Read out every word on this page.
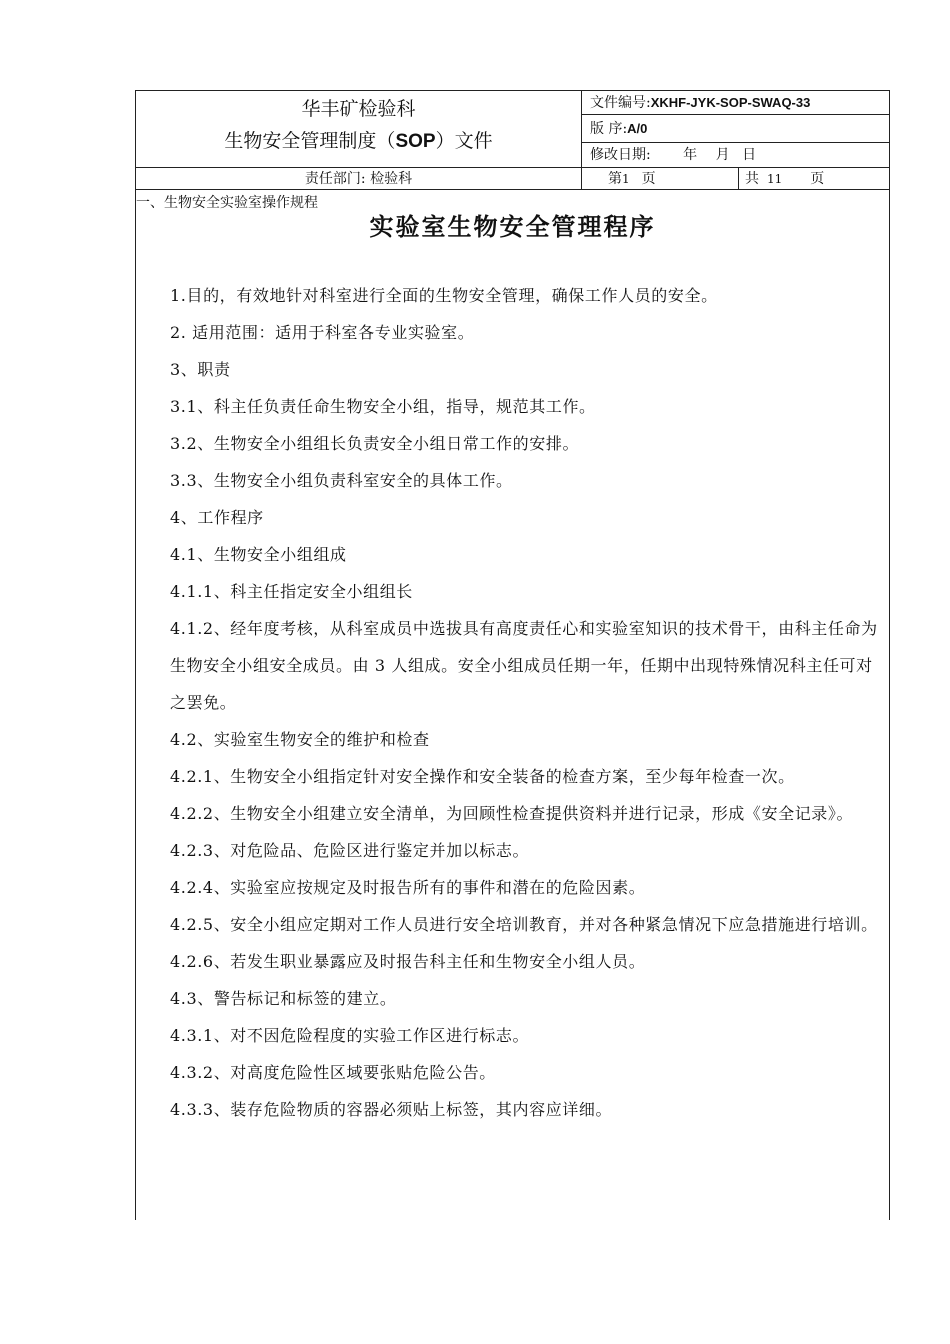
华丰矿检验科
生物安全管理制度（SOP）文件
文件编号:XKHF-JYK-SOP-SWAQ-33
版 序:A/0
修改日期: 年 月 日
责任部门: 检验科	第1 页	共 11 页
一、生物安全实验室操作规程
实验室生物安全管理程序

1.目的，有效地针对科室进行全面的生物安全管理，确保工作人员的安全。

2. 适用范围：适用于科室各专业实验室。

3、职责

3.1、科主任负责任命生物安全小组，指导，规范其工作。

3.2、生物安全小组组长负责安全小组日常工作的安排。

3.3、生物安全小组负责科室安全的具体工作。

4、工作程序

4.1、生物安全小组组成

4.1.1、科主任指定安全小组组长

4.1.2、经年度考核，从科室成员中选拔具有高度责任心和实验室知识的技术骨干，由科主任命为生物安全小组安全成员。由 3 人组成。安全小组成员任期一年，任期中出现特殊情况科主任可对之罢免。

4.2、实验室生物安全的维护和检查

4.2.1、生物安全小组指定针对安全操作和安全装备的检查方案，至少每年检查一次。

4.2.2、生物安全小组建立安全清单，为回顾性检查提供资料并进行记录，形成《安全记录》。

4.2.3、对危险品、危险区进行鉴定并加以标志。

4.2.4、实验室应按规定及时报告所有的事件和潜在的危险因素。

4.2.5、安全小组应定期对工作人员进行安全培训教育，并对各种紧急情况下应急措施进行培训。

4.2.6、若发生职业暴露应及时报告科主任和生物安全小组人员。

4.3、警告标记和标签的建立。

4.3.1、对不因危险程度的实验工作区进行标志。

4.3.2、对高度危险性区域要张贴危险公告。

4.3.3、装存危险物质的容器必须贴上标签，其内容应详细。
